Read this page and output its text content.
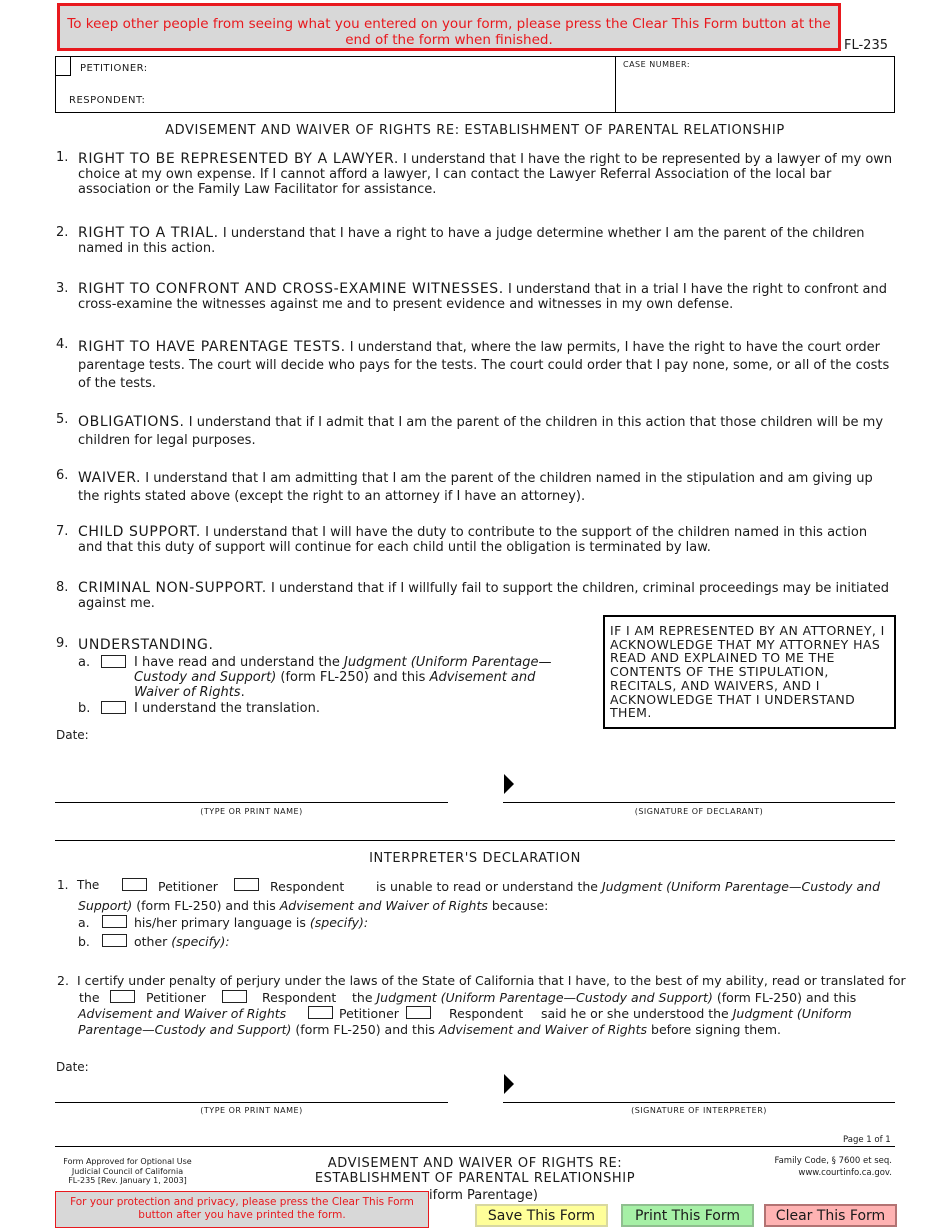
To keep other people from seeing what you entered on your form, please press the Clear This Form button at the end of the form when finished.	FL-235
PETITIONER:
RESPONDENT:
CASE NUMBER:
ADVISEMENT AND WAIVER OF RIGHTS RE: ESTABLISHMENT OF PARENTAL RELATIONSHIP
1. RIGHT TO BE REPRESENTED BY A LAWYER. I understand that I have the right to be represented by a lawyer of my own choice at my own expense. If I cannot afford a lawyer, I can contact the Lawyer Referral Association of the local bar association or the Family Law Facilitator for assistance.
2. RIGHT TO A TRIAL. I understand that I have a right to have a judge determine whether I am the parent of the children named in this action.
3. RIGHT TO CONFRONT AND CROSS-EXAMINE WITNESSES. I understand that in a trial I have the right to confront and cross-examine the witnesses against me and to present evidence and witnesses in my own defense.
4. RIGHT TO HAVE PARENTAGE TESTS. I understand that, where the law permits, I have the right to have the court order parentage tests. The court will decide who pays for the tests. The court could order that I pay none, some, or all of the costs of the tests.
5. OBLIGATIONS. I understand that if I admit that I am the parent of the children in this action that those children will be my children for legal purposes.
6. WAIVER. I understand that I am admitting that I am the parent of the children named in the stipulation and am giving up the rights stated above (except the right to an attorney if I have an attorney).
7. CHILD SUPPORT. I understand that I will have the duty to contribute to the support of the children named in this action and that this duty of support will continue for each child until the obligation is terminated by law.
8. CRIMINAL NON-SUPPORT. I understand that if I willfully fail to support the children, criminal proceedings may be initiated against me.
9. UNDERSTANDING.
a.	I have read and understand the Judgment (Uniform Parentage—Custody and Support) (form FL-250) and this Advisement and Waiver of Rights.
b.	I understand the translation.
IF I AM REPRESENTED BY AN ATTORNEY, I ACKNOWLEDGE THAT MY ATTORNEY HAS READ AND EXPLAINED TO ME THE CONTENTS OF THE STIPULATION, RECITALS, AND WAIVERS, AND I ACKNOWLEDGE THAT I UNDERSTAND THEM.
Date:
(TYPE OR PRINT NAME)	(SIGNATURE OF DECLARANT)
INTERPRETER'S DECLARATION
1. The	Petitioner	Respondent	is unable to read or understand the Judgment (Uniform Parentage—Custody and
Support) (form FL-250) and this Advisement and Waiver of Rights because:
a.	his/her primary language is (specify):
b.	other (specify):
2. I certify under penalty of perjury under the laws of the State of California that I have, to the best of my ability, read or translated for
the	Petitioner	Respondent the Judgment (Uniform Parentage—Custody and Support) (form FL-250) and this
Advisement and Waiver of Rights	Petitioner	Respondent said he or she understood the Judgment (Uniform
Parentage—Custody and Support) (form FL-250) and this Advisement and Waiver of Rights before signing them.
Date:
(TYPE OR PRINT NAME)	(SIGNATURE OF INTERPRETER)
Page 1 of 1
Form Approved for Optional Use
Judicial Council of California
FL-235 [Rev. January 1, 2003]
ADVISEMENT AND WAIVER OF RIGHTS RE:
ESTABLISHMENT OF PARENTAL RELATIONSHIP
iform Parentage)
Family Code, § 7600 et seq.
www.courtinfo.ca.gov.
For your protection and privacy, please press the Clear This Form button after you have printed the form.	Save This Form	Print This Form	Clear This Form
